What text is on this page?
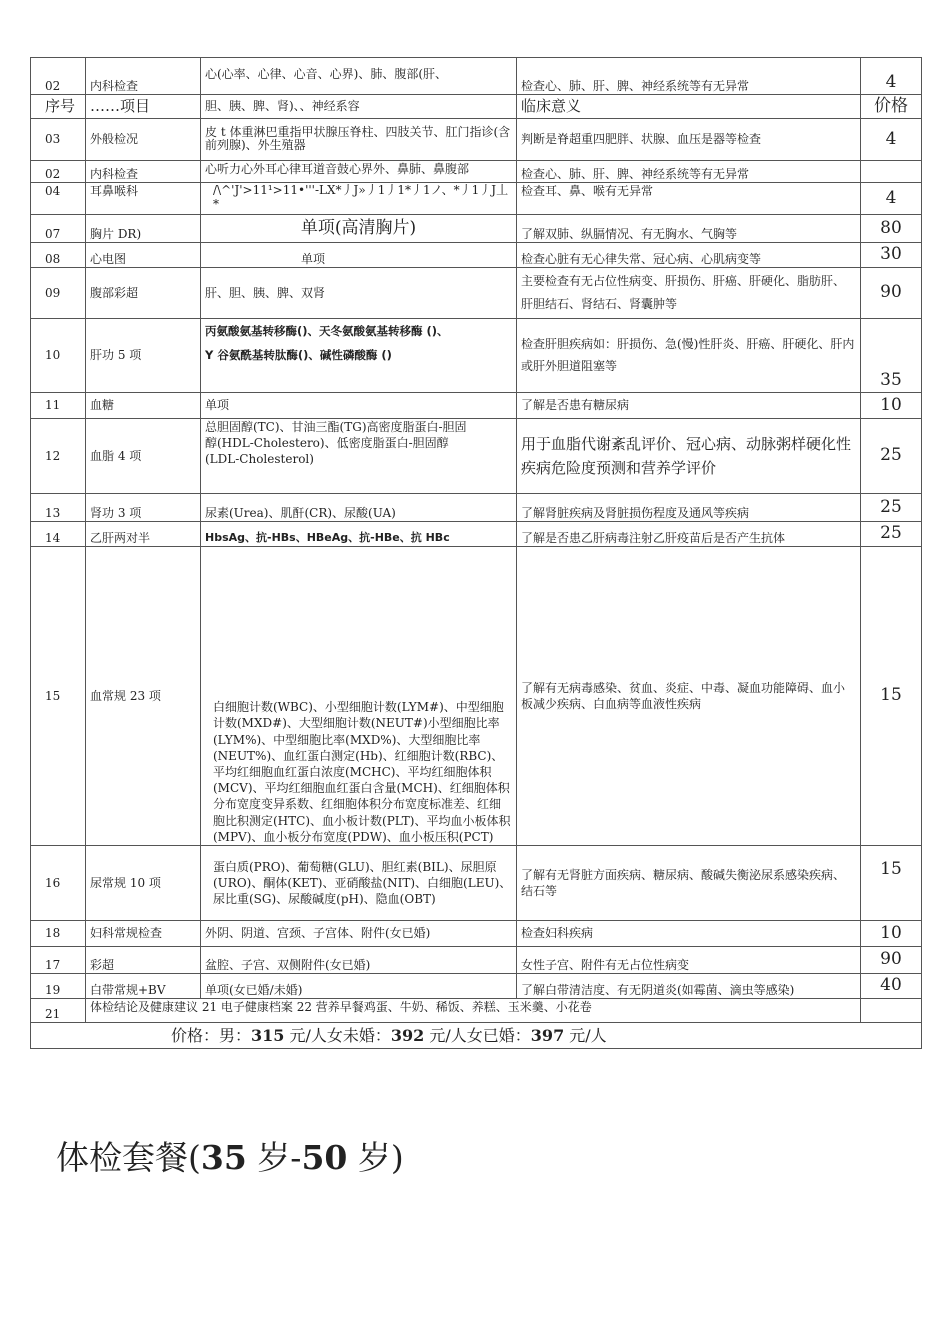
02	内科检查	心(心率、心律、心音、心界)、肺、腹部(肝、	检查心、肺、肝、脾、神经系统等有无异常	4
序号	……项目	胆、胰、脾、肾)、、神经系容	临床意义	价格
03	外般检况	皮 t 体重淋巴重指甲状腺压脊柱、四肢关节、肛门指诊(含前列腺)、外生殖器	判断是脊超重四肥胖、状腺、血压是器等检查	4
02	内科检查	心听力心外耳心律耳道音鼓心界外、鼻肺、鼻腹部	检查心、肺、肝、脾、神经系统等有无异常	
04	耳鼻喉科	/\^'J'>11¹>11•'''-LX*丿J»丿1丿1*丿1ノ、*丿1丿J丄*	检查耳、鼻、喉有无异常	4
07	胸片 DR)	单项(高清胸片)	了解双肺、纵膈情况、有无胸水、气胸等	80
08	心电图	单项	检查心脏有无心律失常、冠心病、心肌病变等	30
09	腹部彩超	肝、胆、胰、脾、双肾	主要检查有无占位性病变、肝损伤、肝癌、肝硬化、脂肪肝、肝胆结石、肾结石、肾囊肿等	90
10	肝功 5 项	丙氨酸氨基转移酶()、天冬氨酸氨基转移酶 ()、Y 谷氨酰基转肽酶()、碱性磷酸酶 ()	检查肝胆疾病如：肝损伤、急(慢)性肝炎、肝癌、肝硬化、肝内或肝外胆道阻塞等	35
11	血糖	单项	了解是否患有糖尿病	10
12	血脂 4 项	总胆固醇(TC)、甘油三酯(TG)高密度脂蛋白-胆固醇(HDL-Cholestero)、低密度脂蛋白-胆固醇(LDL-Cholesterol)	用于血脂代谢紊乱评价、冠心病、动脉粥样硬化性疾病危险度预测和营养学评价	25
13	肾功 3 项	尿素(Urea)、肌酐(CR)、尿酸(UA)	了解肾脏疾病及肾脏损伤程度及通风等疾病	25
14	乙肝两对半	HbsAg、抗-HBs、HBeAg、抗-HBe、抗 HBc	了解是否患乙肝病毒注射乙肝疫苗后是否产生抗体	25
15	血常规 23 项	白细胞计数(WBC)、小型细胞计数(LYM#)、中型细胞计数(MXD#)、大型细胞计数(NEUT#)小型细胞比率(LYM%)、中型细胞比率(MXD%)、大型细胞比率(NEUT%)、血红蛋白测定(Hb)、红细胞计数(RBC)、平均红细胞血红蛋白浓度(MCHC)、平均红细胞体积(MCV)、平均红细胞血红蛋白含量(MCH)、红细胞体积分布宽度变异系数、红细胞体积分布宽度标准差、红细胞比积测定(HTC)、血小板计数(PLT)、平均血小板体积(MPV)、血小板分布宽度(PDW)、血小板压积(PCT)	了解有无病毒感染、贫血、炎症、中毒、凝血功能障碍、血小板减少疾病、白血病等血液性疾病	15
16	尿常规 10 项	蛋白质(PRO)、葡萄糖(GLU)、胆红素(BIL)、尿胆原(URO)、酮体(KET)、亚硝酸盐(NIT)、白细胞(LEU)、尿比重(SG)、尿酸碱度(pH)、隐血(OBT)	了解有无肾脏方面疾病、糖尿病、酸碱失衡泌尿系感染疾病、结石等	15
18	妇科常规检查	外阴、阴道、宫颈、子宫体、附件(女已婚)	检查妇科疾病	10
17	彩超	盆腔、子宫、双侧附件(女已婚)	女性子宫、附件有无占位性病变	90
19	白带常规+BV	单项(女已婚/未婚)	了解白带清洁度、有无阴道炎(如霉菌、滴虫等感染)	40
21	体检结论及健康建议 21 电子健康档案 22 营养早餐鸡蛋、牛奶、稀饭、养糕、玉米羹、小花卷			
价格：男：315 元/人女未婚：392 元/人女已婚：397 元/人				
体检套餐(35 岁-50 岁)
